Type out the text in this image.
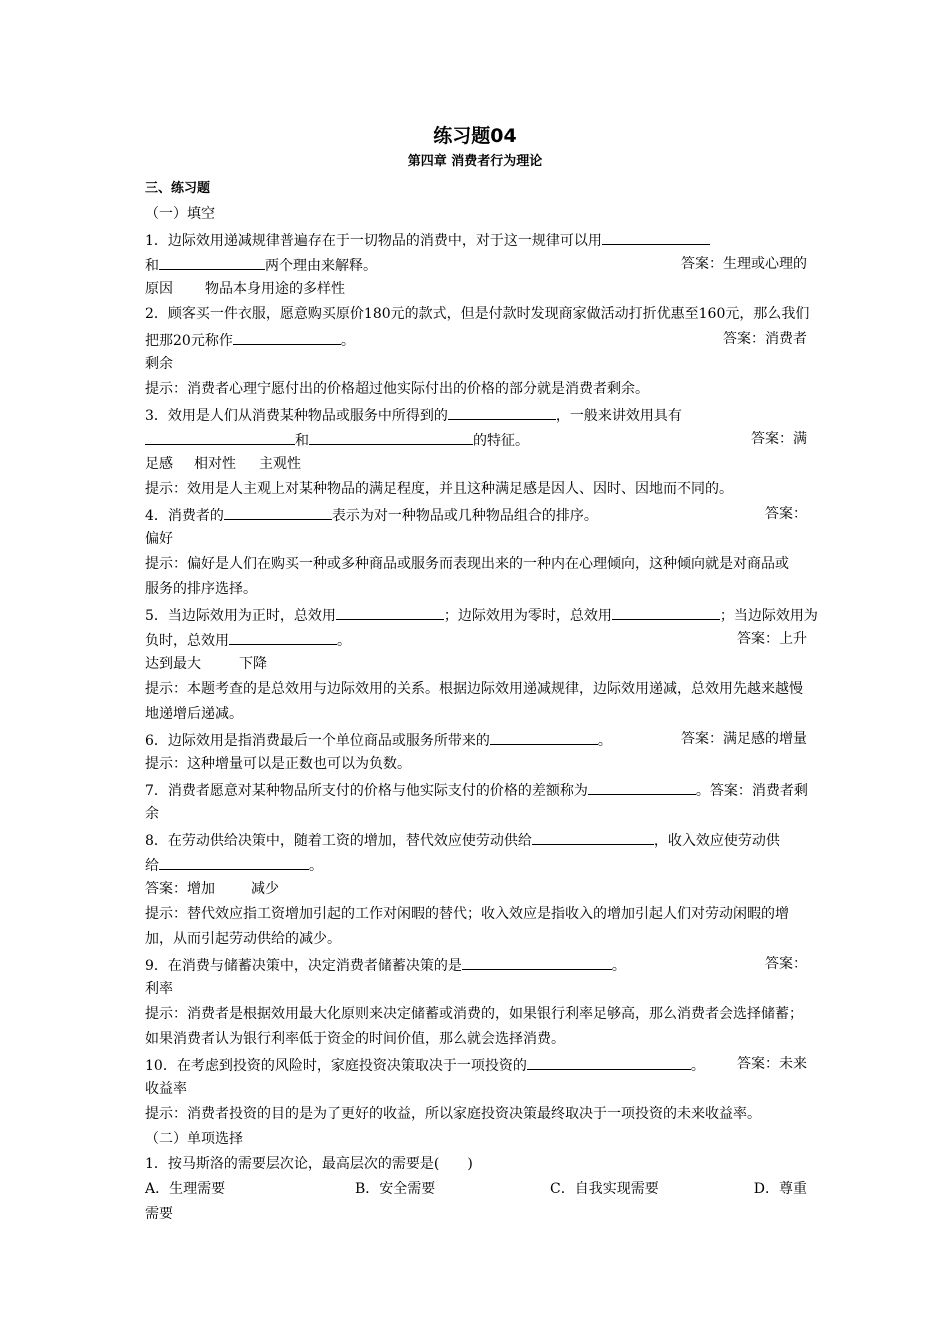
练习题04
第四章 消费者行为理论
三、练习题
（一）填空
1．边际效用递减规律普遍存在于一切物品的消费中，对于这一规律可以用
和	两个理由来解释。	答案：生理或心理的
原因 物品本身用途的多样性
2．顾客买一件衣服，愿意购买原价180元的款式，但是付款时发现商家做活动打折优惠至160元，那么我们
把那20元称作	。	答案：消费者
剩余
提示：消费者心理宁愿付出的价格超过他实际付出的价格的部分就是消费者剩余。
3．效用是人们从消费某种物品或服务中所得到的	，一般来讲效用具有
和	的特征。	答案：满
足感 相对性 主观性
提示：效用是人主观上对某种物品的满足程度，并且这种满足感是因人、因时、因地而不同的。
4．消费者的	表示为对一种物品或几种物品组合的排序。	答案：
偏好
提示：偏好是人们在购买一种或多种商品或服务而表现出来的一种内在心理倾向，这种倾向就是对商品或
服务的排序选择。
5．当边际效用为正时，总效用	；边际效用为零时，总效用	；当边际效用为
负时，总效用	。	答案：上升
达到最大	下降
提示：本题考查的是总效用与边际效用的关系。根据边际效用递减规律，边际效用递减，总效用先越来越慢
地递增后递减。
6．边际效用是指消费最后一个单位商品或服务所带来的	。	答案：满足感的增量
提示：这种增量可以是正数也可以为负数。
7．消费者愿意对某种物品所支付的价格与他实际支付的价格的差额称为	。答案：消费者剩
余
8．在劳动供给决策中，随着工资的增加，替代效应使劳动供给	，收入效应使劳动供
给	。
答案：增加	减少
提示：替代效应指工资增加引起的工作对闲暇的替代；收入效应是指收入的增加引起人们对劳动闲暇的增
加，从而引起劳动供给的减少。
9．在消费与储蓄决策中，决定消费者储蓄决策的是	。	答案：
利率
提示：消费者是根据效用最大化原则来决定储蓄或消费的，如果银行利率足够高，那么消费者会选择储蓄；
如果消费者认为银行利率低于资金的时间价值，那么就会选择消费。
10．在考虑到投资的风险时，家庭投资决策取决于一项投资的	。 答案：未来
收益率
提示：消费者投资的目的是为了更好的收益，所以家庭投资决策最终取决于一项投资的未来收益率。
（二）单项选择
1．按马斯洛的需要层次论，最高层次的需要是(　　)
A．生理需要	B．安全需要	C．自我实现需要	D．尊重
需要
